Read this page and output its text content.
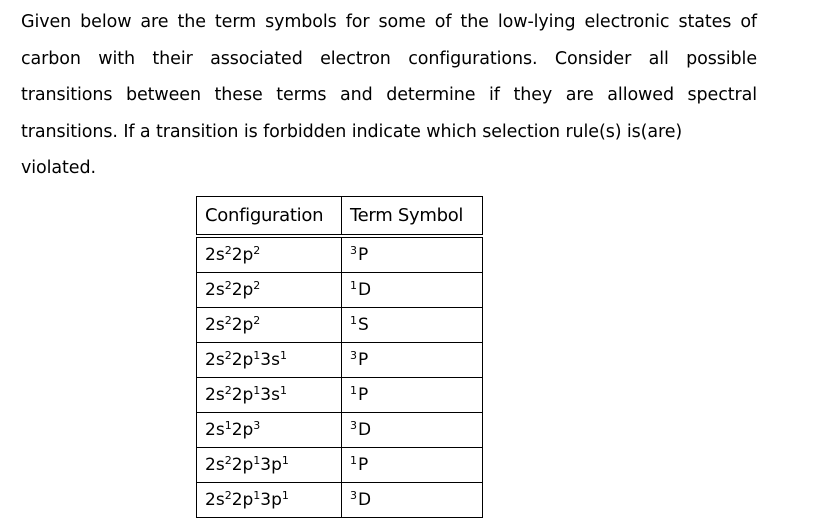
Given below are the term symbols for some of the low-lying electronic states of carbon with their associated electron configurations. Consider all possible transitions between these terms and determine if they are allowed spectral transitions. If a transition is forbidden indicate which selection rule(s) is(are)
violated.
Configuration	Term Symbol
$2s^22p^2$	$^3$P
$2s^22p^2$	$^1$D
$2s^22p^2$	$^1$S
$2s^22p^13s^1$	$^3$P
$2s^22p^13s^1$	$^1$P
$2s^12p^3$	$^3$D
$2s^22p^13p^1$	$^1$P
$2s^22p^13p^1$	$^3$D
